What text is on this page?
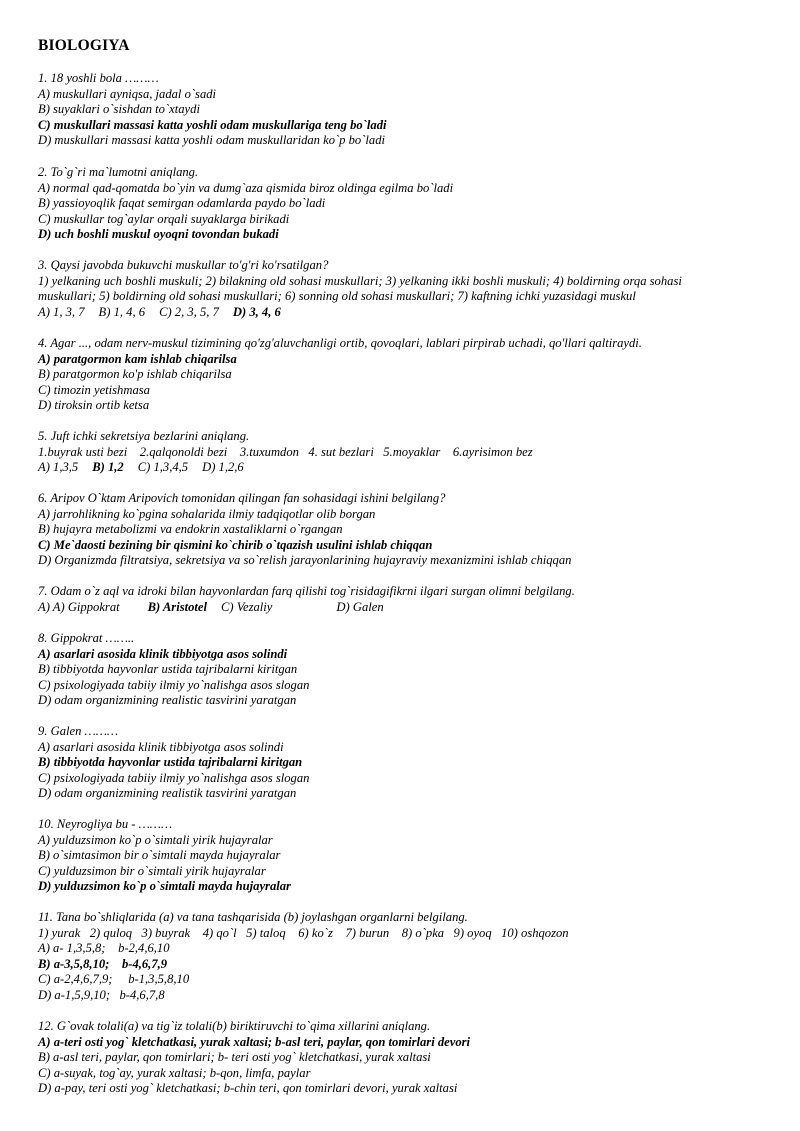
BIOLOGIYA
1. 18 yoshli bola ………
A) muskullari ayniqsa, jadal o`sadi
B) suyaklari o`sishdan to`xtaydi
C) muskullari massasi katta yoshli odam muskullariga teng bo`ladi
D) muskullari massasi katta yoshli odam muskullaridan ko`p bo`ladi
2. To`g`ri ma`lumotni aniqlang.
A) normal qad-qomatda bo`yin va dumg`aza qismida biroz oldinga egilma bo`ladi
B) yassioyoqlik faqat semirgan odamlarda paydo bo`ladi
C) muskullar tog`aylar orqali suyaklarga birikadi
D) uch boshli muskul oyoqni tovondan bukadi
3. Qaysi javobda bukuvchi muskullar to'g'ri ko'rsatilgan?
1) yelkaning uch boshli muskuli; 2) bilakning old sohasi muskullari; 3) yelkaning ikki boshli muskuli; 4) boldirning orqa sohasi
muskullari; 5) boldirning old sohasi muskullari; 6) sonning old sohasi muskullari; 7) kaftning ichki yuzasidagi muskul
A) 1, 3, 7 B) 1, 4, 6 C) 2, 3, 5, 7 D) 3, 4, 6
4. Agar ..., odam nerv-muskul tizimining qo'zg'aluvchanligi ortib, qovoqlari, lablari pirpirab uchadi, qo'llari qaltiraydi.
A) paratgormon kam ishlab chiqarilsa
B) paratgormon ko'p ishlab chiqarilsa
C) timozin yetishmasa
D) tiroksin ortib ketsa
5. Juft ichki sekretsiya bezlarini aniqlang.
1.buyrak usti bezi    2.qalqonoldi bezi    3.tuxumdon   4. sut bezlari   5.moyaklar    6.ayrisimon bez
A) 1,3,5 B) 1,2 C) 1,3,4,5 D) 1,2,6
6. Aripov O`ktam Aripovich tomonidan qilingan fan sohasidagi ishini belgilang?
A) jarrohlikning ko`pgina sohalarida ilmiy tadqiqotlar olib borgan
B) hujayra metabolizmi va endokrin xastaliklarni o`rgangan
C) Me`daosti bezining bir qismini ko`chirib o`tqazish usulini ishlab chiqqan
D) Organizmda filtratsiya, sekretsiya va so`relish jarayonlarining hujayraviy mexanizmini ishlab chiqqan
7. Odam o`z aql va idroki bilan hayvonlardan farq qilishi tog`risidagifikrni ilgari surgan olimni belgilang.
A) A) Gippokrat B) Aristotel C) Vezaliy	D) Galen
8. Gippokrat ……..
A) asarlari asosida klinik tibbiyotga asos solindi
B) tibbiyotda hayvonlar ustida tajribalarni kiritgan
C) psixologiyada tabiiy ilmiy yo`nalishga asos slogan
D) odam organizmining realistic tasvirini yaratgan
9. Galen ………
A) asarlari asosida klinik tibbiyotga asos solindi
B) tibbiyotda hayvonlar ustida tajribalarni kiritgan
C) psixologiyada tabiiy ilmiy yo`nalishga asos slogan
D) odam organizmining realistik tasvirini yaratgan
10. Neyrogliya bu - ………
A) yulduzsimon ko`p o`simtali yirik hujayralar
B) o`simtasimon bir o`simtali mayda hujayralar
C) yulduzsimon bir o`simtali yirik hujayralar
D) yulduzsimon ko`p o`simtali mayda hujayralar
11. Tana bo`shliqlarida (a) va tana tashqarisida (b) joylashgan organlarni belgilang.
1) yurak   2) quloq   3) buyrak    4) qo`l   5) taloq    6) ko`z    7) burun    8) o`pka   9) oyoq   10) oshqozon
A) a- 1,3,5,8;    b-2,4,6,10
B) a-3,5,8,10;    b-4,6,7,9
C) a-2,4,6,7,9;     b-1,3,5,8,10
D) a-1,5,9,10;   b-4,6,7,8
12. G`ovak tolali(a) va tig`iz tolali(b) biriktiruvchi to`qima xillarini aniqlang.
A) a-teri osti yog` kletchatkasi, yurak xaltasi; b-asl teri, paylar, qon tomirlari devori
B) a-asl teri, paylar, qon tomirlari; b- teri osti yog` kletchatkasi, yurak xaltasi
C) a-suyak, tog`ay, yurak xaltasi; b-qon, limfa, paylar
D) a-pay, teri osti yog` kletchatkasi; b-chin teri, qon tomirlari devori, yurak xaltasi
